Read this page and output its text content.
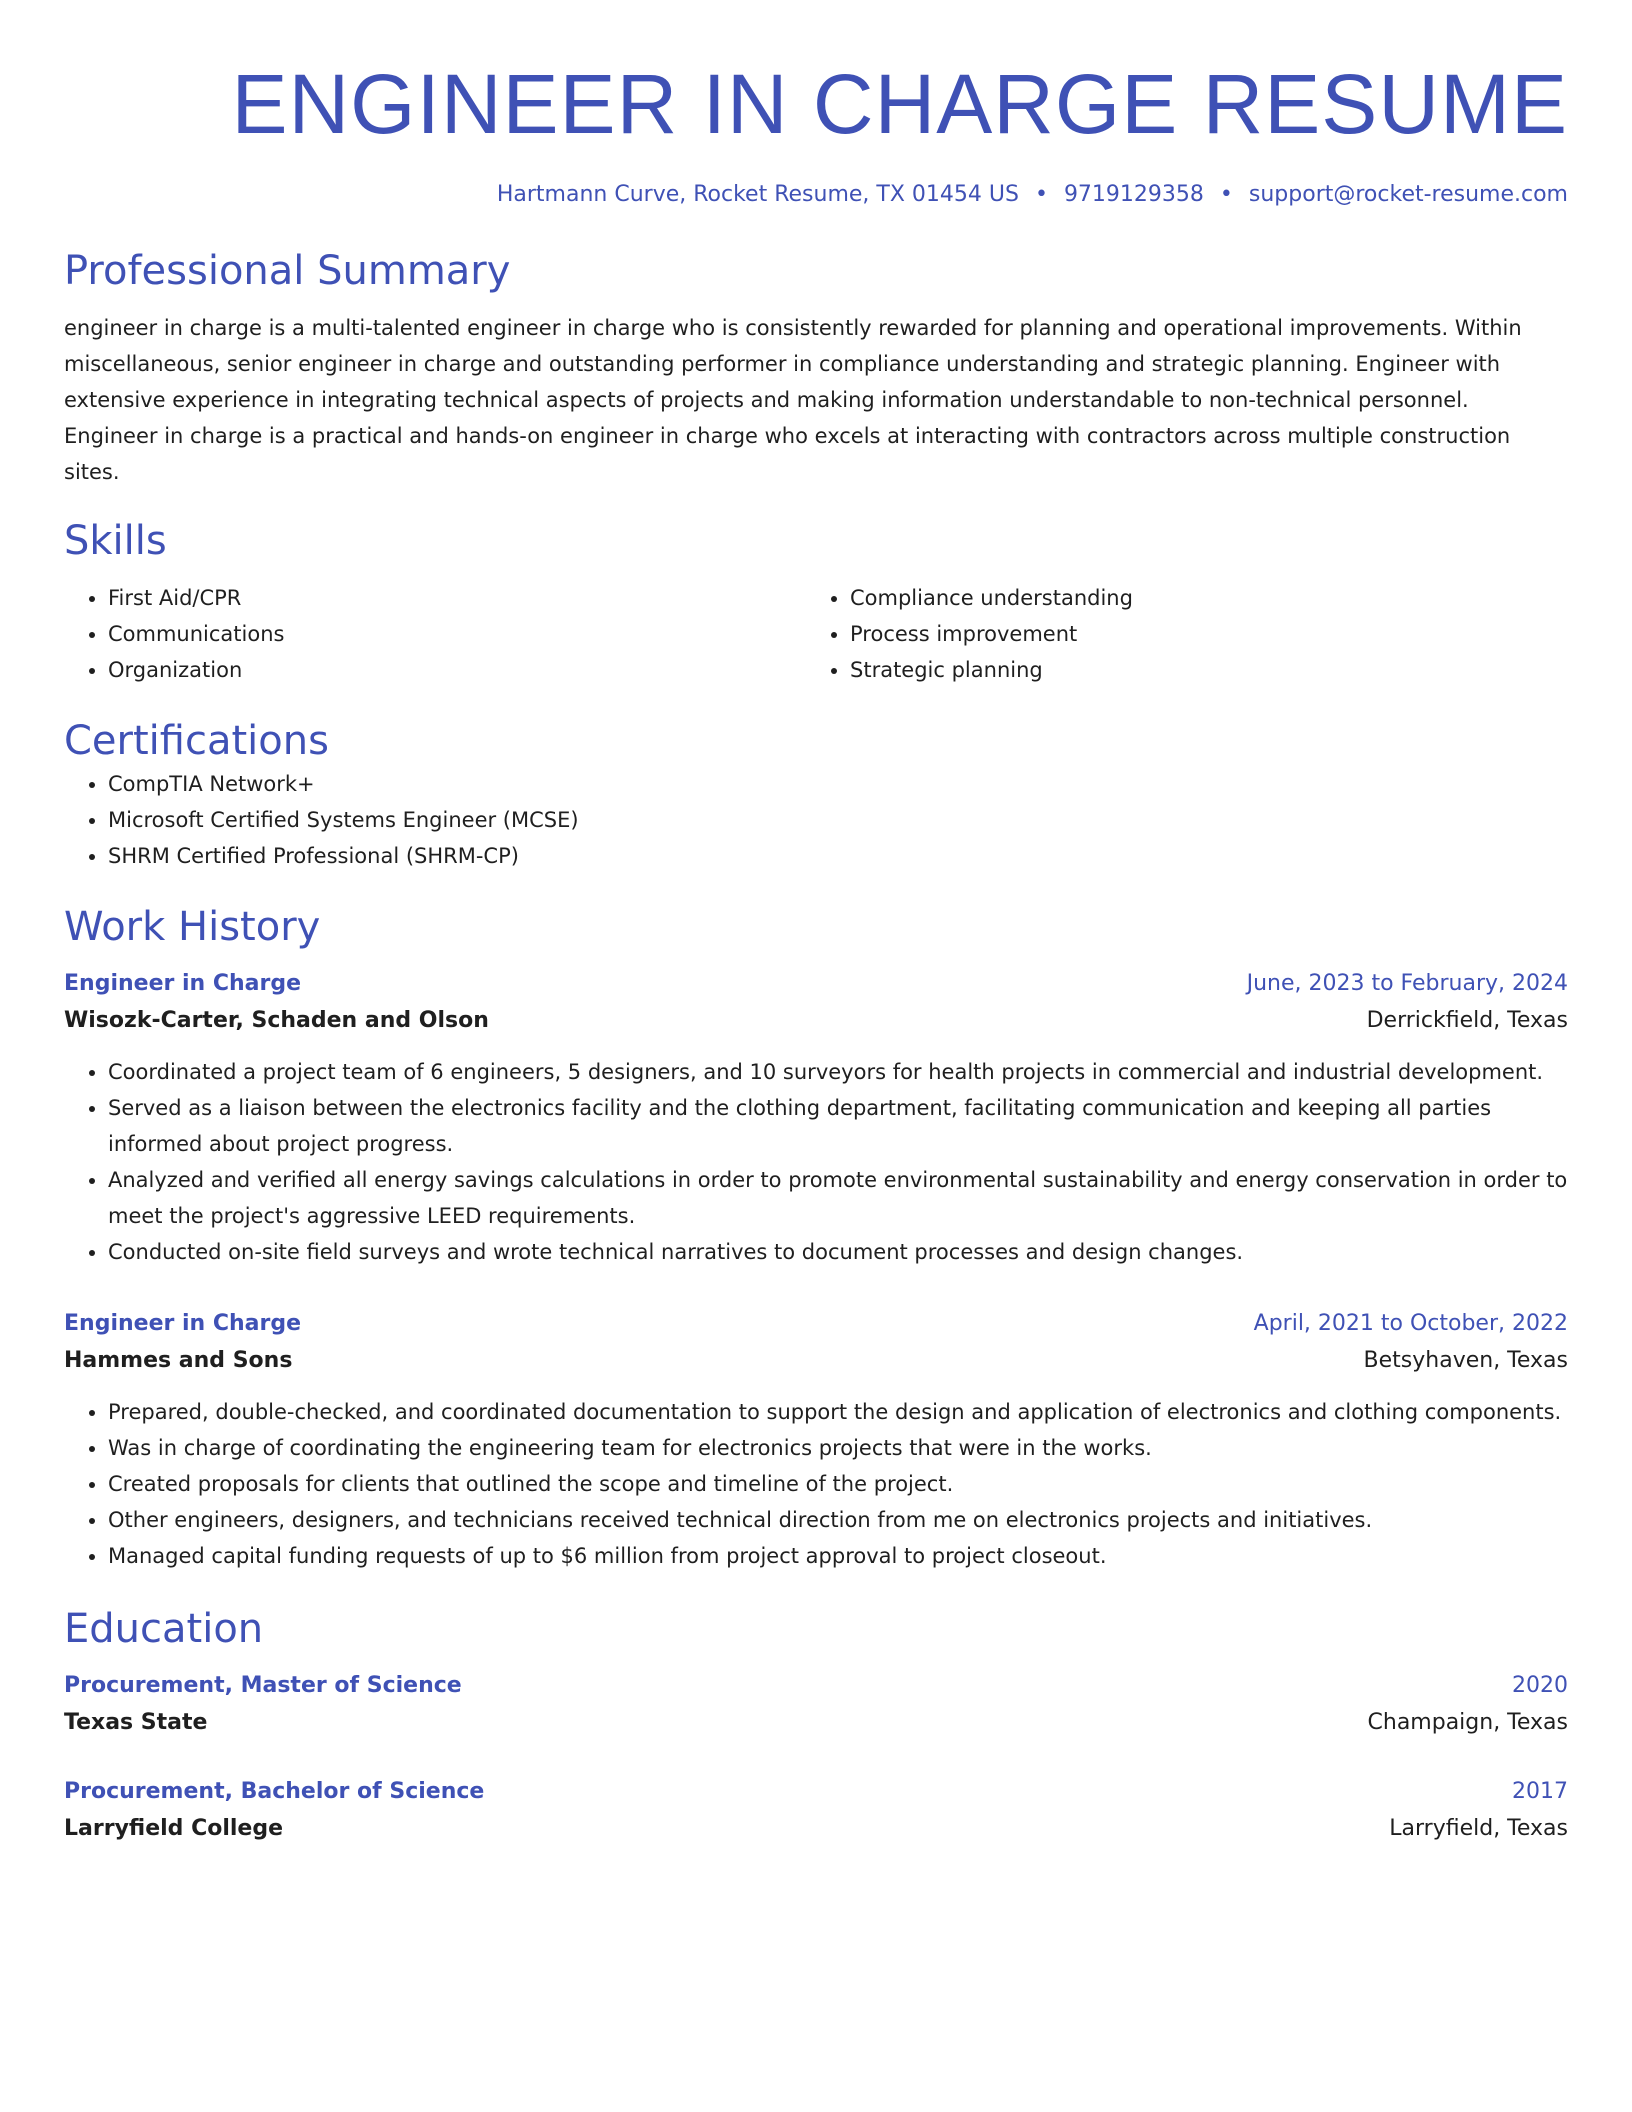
ENGINEER IN CHARGE RESUME
Hartmann Curve, Rocket Resume, TX 01454 US • 9719129358 • support@rocket-resume.com
Professional Summary

engineer in charge is a multi-talented engineer in charge who is consistently rewarded for planning and operational improvements. Within miscellaneous, senior engineer in charge and outstanding performer in compliance understanding and strategic planning. Engineer with extensive experience in integrating technical aspects of projects and making information understandable to non-technical personnel. Engineer in charge is a practical and hands-on engineer in charge who excels at interacting with contractors across multiple construction sites.

Skills
• First Aid/CPR
• Communications
• Organization
• Compliance understanding
• Process improvement
• Strategic planning
Certifications
• CompTIA Network+
• Microsoft Certified Systems Engineer (MCSE)
• SHRM Certified Professional (SHRM-CP)
Work History
Engineer in Charge	June, 2023 to February, 2024
Wisozk-Carter, Schaden and Olson	Derrickfield, Texas
• Coordinated a project team of 6 engineers, 5 designers, and 10 surveyors for health projects in commercial and industrial development.
• Served as a liaison between the electronics facility and the clothing department, facilitating communication and keeping all parties informed about project progress.
• Analyzed and verified all energy savings calculations in order to promote environmental sustainability and energy conservation in order to meet the project's aggressive LEED requirements.
• Conducted on-site field surveys and wrote technical narratives to document processes and design changes.
Engineer in Charge	April, 2021 to October, 2022
Hammes and Sons	Betsyhaven, Texas
• Prepared, double-checked, and coordinated documentation to support the design and application of electronics and clothing components.
• Was in charge of coordinating the engineering team for electronics projects that were in the works.
• Created proposals for clients that outlined the scope and timeline of the project.
• Other engineers, designers, and technicians received technical direction from me on electronics projects and initiatives.
• Managed capital funding requests of up to $6 million from project approval to project closeout.
Education
Procurement, Master of Science	2020
Texas State	Champaign, Texas
Procurement, Bachelor of Science	2017
Larryfield College	Larryfield, Texas
